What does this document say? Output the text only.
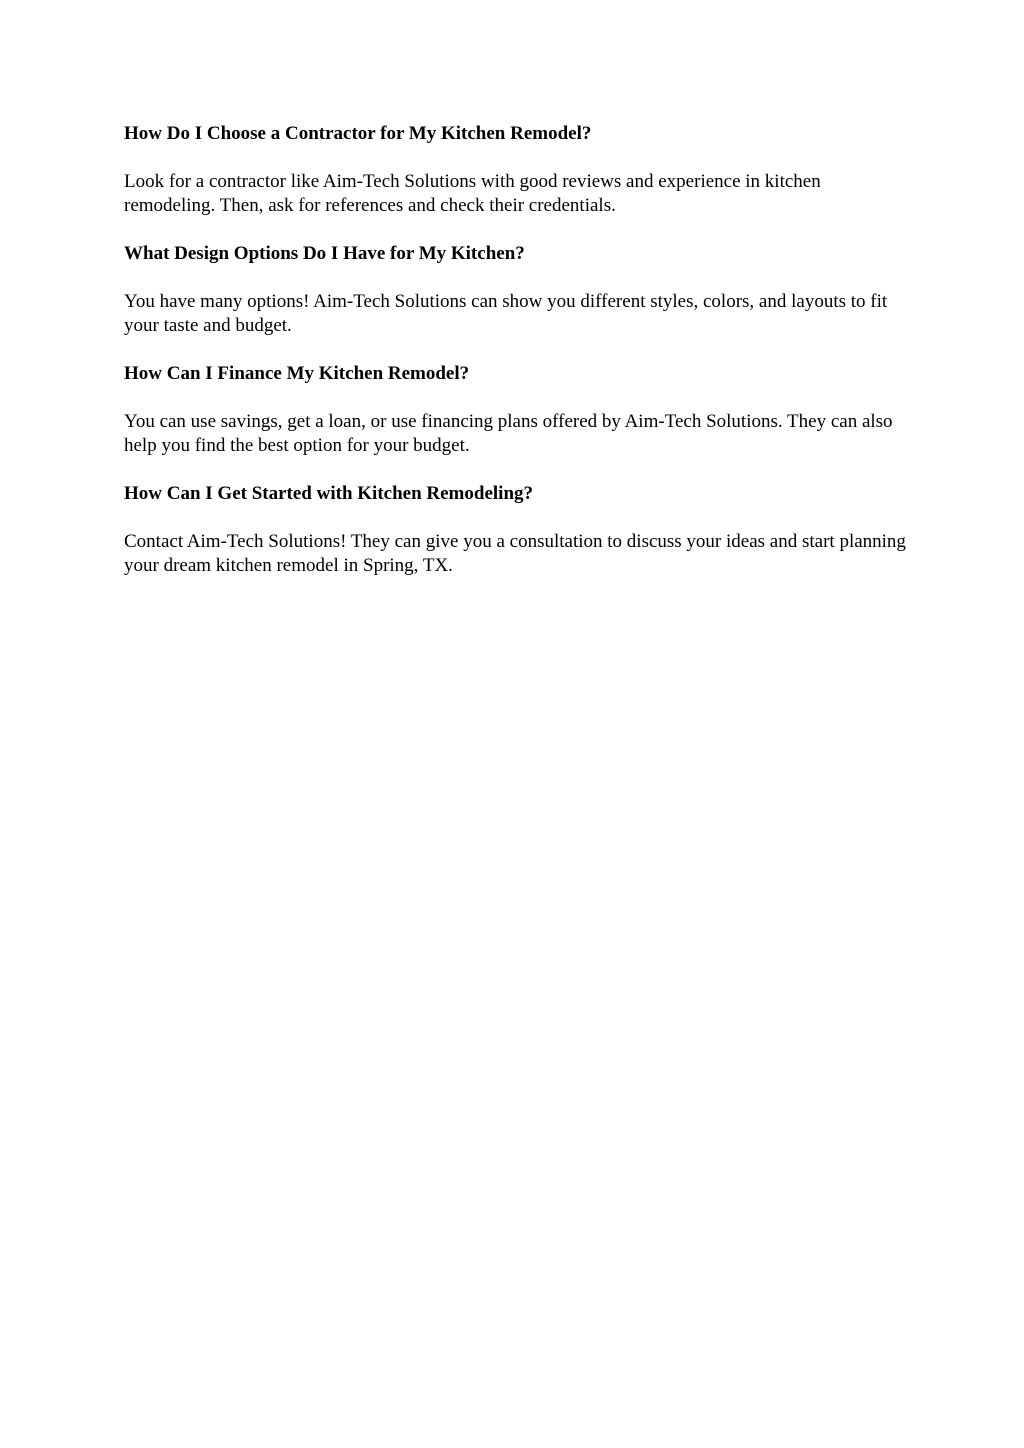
How Do I Choose a Contractor for My Kitchen Remodel?

Look for a contractor like Aim-Tech Solutions with good reviews and experience in kitchen remodeling. Then, ask for references and check their credentials.

What Design Options Do I Have for My Kitchen?

You have many options! Aim-Tech Solutions can show you different styles, colors, and layouts to fit your taste and budget.

How Can I Finance My Kitchen Remodel?

You can use savings, get a loan, or use financing plans offered by Aim-Tech Solutions. They can also help you find the best option for your budget.

How Can I Get Started with Kitchen Remodeling?

Contact Aim-Tech Solutions! They can give you a consultation to discuss your ideas and start planning your dream kitchen remodel in Spring, TX.
